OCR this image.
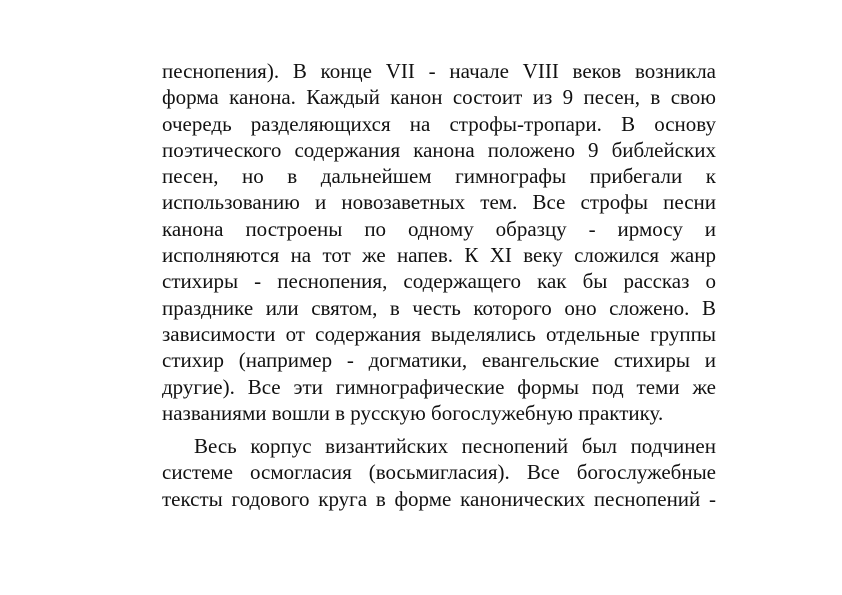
песнопения). В конце VII - начале VIII веков возникла
форма канона. Каждый канон состоит из 9 песен, в свою
очередь разделяющихся на строфы-тропари. В основу
поэтического содержания канона положено 9 библейских
песен, но в дальнейшем гимнографы прибегали к
использованию и новозаветных тем. Все строфы песни
канона построены по одному образцу - ирмосу и
исполняются на тот же напев. К XI веку сложился жанр
стихиры - песнопения, содержащего как бы рассказ о
празднике или святом, в честь которого оно сложено. В
зависимости от содержания выделялись отдельные группы
стихир (например - догматики, евангельские стихиры и
другие). Все эти гимнографические формы под теми же
названиями вошли в русскую богослужебную практику.
Весь корпус византийских песнопений был подчинен
системе осмогласия (восьмигласия). Все богослужебные
тексты годового круга в форме канонических песнопений -
